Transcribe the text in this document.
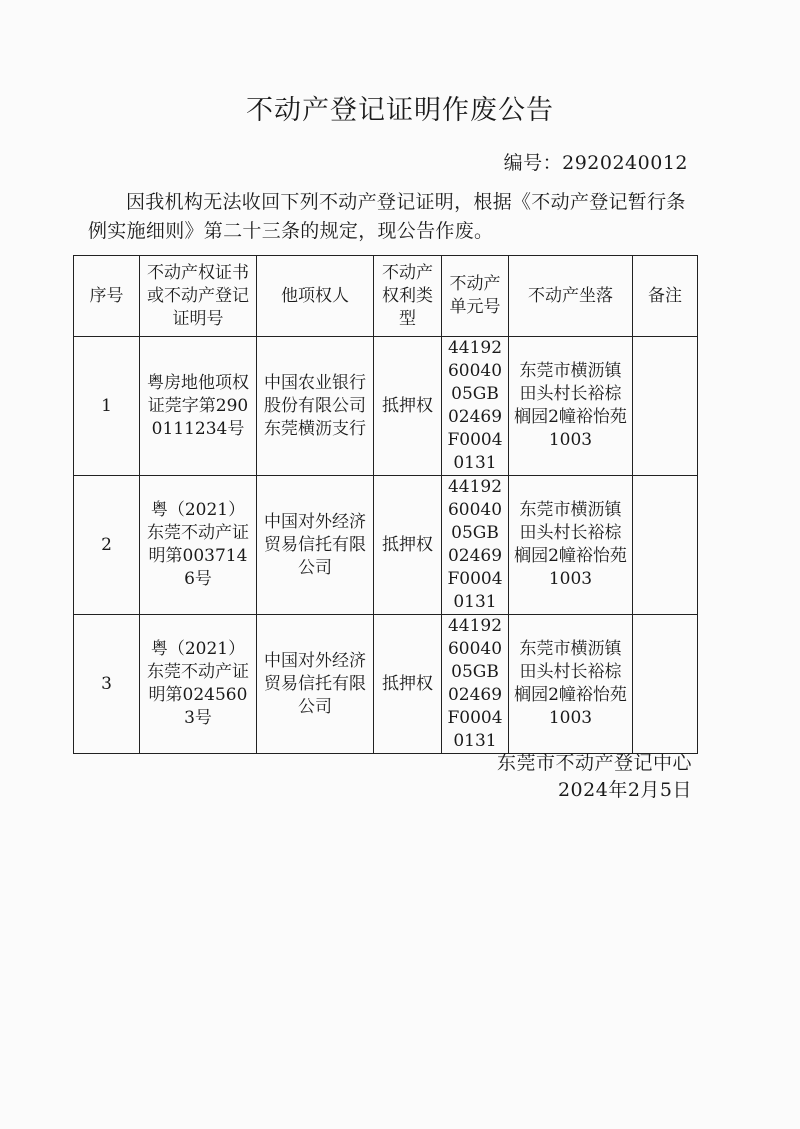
不动产登记证明作废公告
编号：2920240012
因我机构无法收回下列不动产登记证明，根据《不动产登记暂行条例实施细则》第二十三条的规定，现公告作废。
序号	不动产权证书或不动产登记证明号	他项权人	不动产权利类型	不动产单元号	不动产坐落	备注
1	粤房地他项权证莞字第2900111234号	中国农业银行股份有限公司东莞横沥支行	抵押权	441926004005GB02469F00040131	东莞市横沥镇田头村长裕棕榈园2幢裕怡苑1003	
2	粤（2021）东莞不动产证明第0037146号	中国对外经济贸易信托有限公司	抵押权	441926004005GB02469F00040131	东莞市横沥镇田头村长裕棕榈园2幢裕怡苑1003	
3	粤（2021）东莞不动产证明第0245603号	中国对外经济贸易信托有限公司	抵押权	441926004005GB02469F00040131	东莞市横沥镇田头村长裕棕榈园2幢裕怡苑1003	
东莞市不动产登记中心
2024年2月5日
